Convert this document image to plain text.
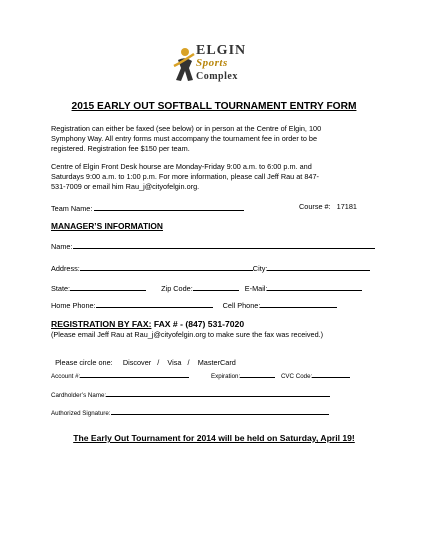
ELGIN
Sports
Complex
2015 EARLY OUT SOFTBALL TOURNAMENT ENTRY FORM
Registration can either be faxed (see below) or in person at the Centre of Elgin, 100
Symphony Way. All entry forms must accompany the tournament fee in order to be
registered. Registration fee $150 per team.
Centre of Elgin Front Desk hourse are Monday-Friday 9:00 a.m. to 6:00 p.m. and
Saturdays 9:00 a.m. to 1:00 p.m. For more information, please call Jeff Rau at 847-
531-7009 or email him Rau_j@cityofelgin.org.
Team Name:	Course #: 17181
MANAGER’S INFORMATION
Name:
Address:	City:
State:	Zip Code:	E-Mail:
Home Phone:	Cell Phone:
REGISTRATION BY FAX: FAX # - (847) 531-7020
(Please email Jeff Rau at Rau_j@cityofelgin.org to make sure the fax was received.)

Please circle one: Discover   /    Visa   /    MasterCard

Account #:	Expiration:	CVC Code:
Cardholder’s Name:
Authorized Signature:
The Early Out Tournament for 2014 will be held on Saturday, April 19!
